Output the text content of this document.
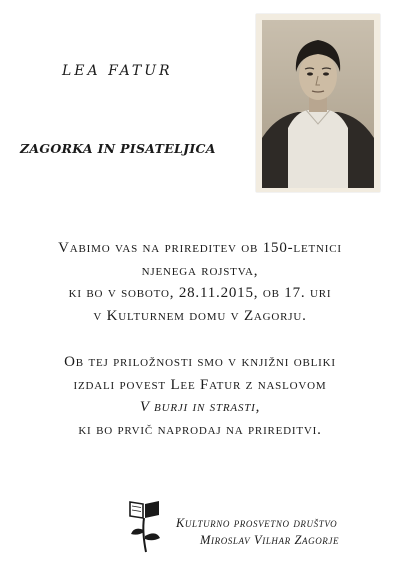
LEA FATUR
ZAGORKA IN PISATELJICA
Vabimo vas na prireditev ob 150-letnici
njenega rojstva,
ki bo v soboto, 28.11.2015, ob 17. uri
v Kulturnem domu v Zagorju.
Ob tej priložnosti smo v knjižni obliki
izdali povest Lee Fatur z naslovom
V burji in strasti,
ki bo prvič naprodaj na prireditvi.
Kulturno prosvetno društvo
Miroslav Vilhar Zagorje
